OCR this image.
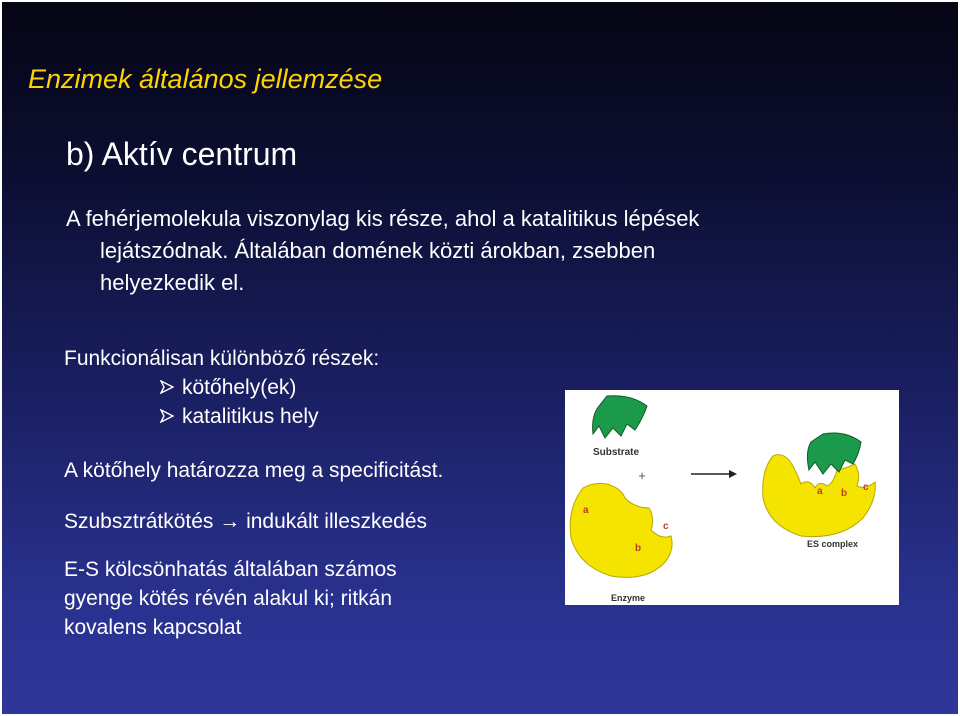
Enzimek általános jellemzése
b) Aktív centrum
A fehérjemolekula viszonylag kis része, ahol a katalitikus lépések
lejátszódnak. Általában domének közti árokban, zsebben
helyezkedik el.
Funkcionálisan különböző részek:
kötőhely(ek)
katalitikus hely
A kötőhely határozza meg a specificitást.
Szubsztrátkötés → indukált illeszkedés
E-S kölcsönhatás általában számos
gyenge kötés révén alakul ki; ritkán
kovalens kapcsolat
Substrate
+
a
b
c
Enzyme
a b
c
ES complex
